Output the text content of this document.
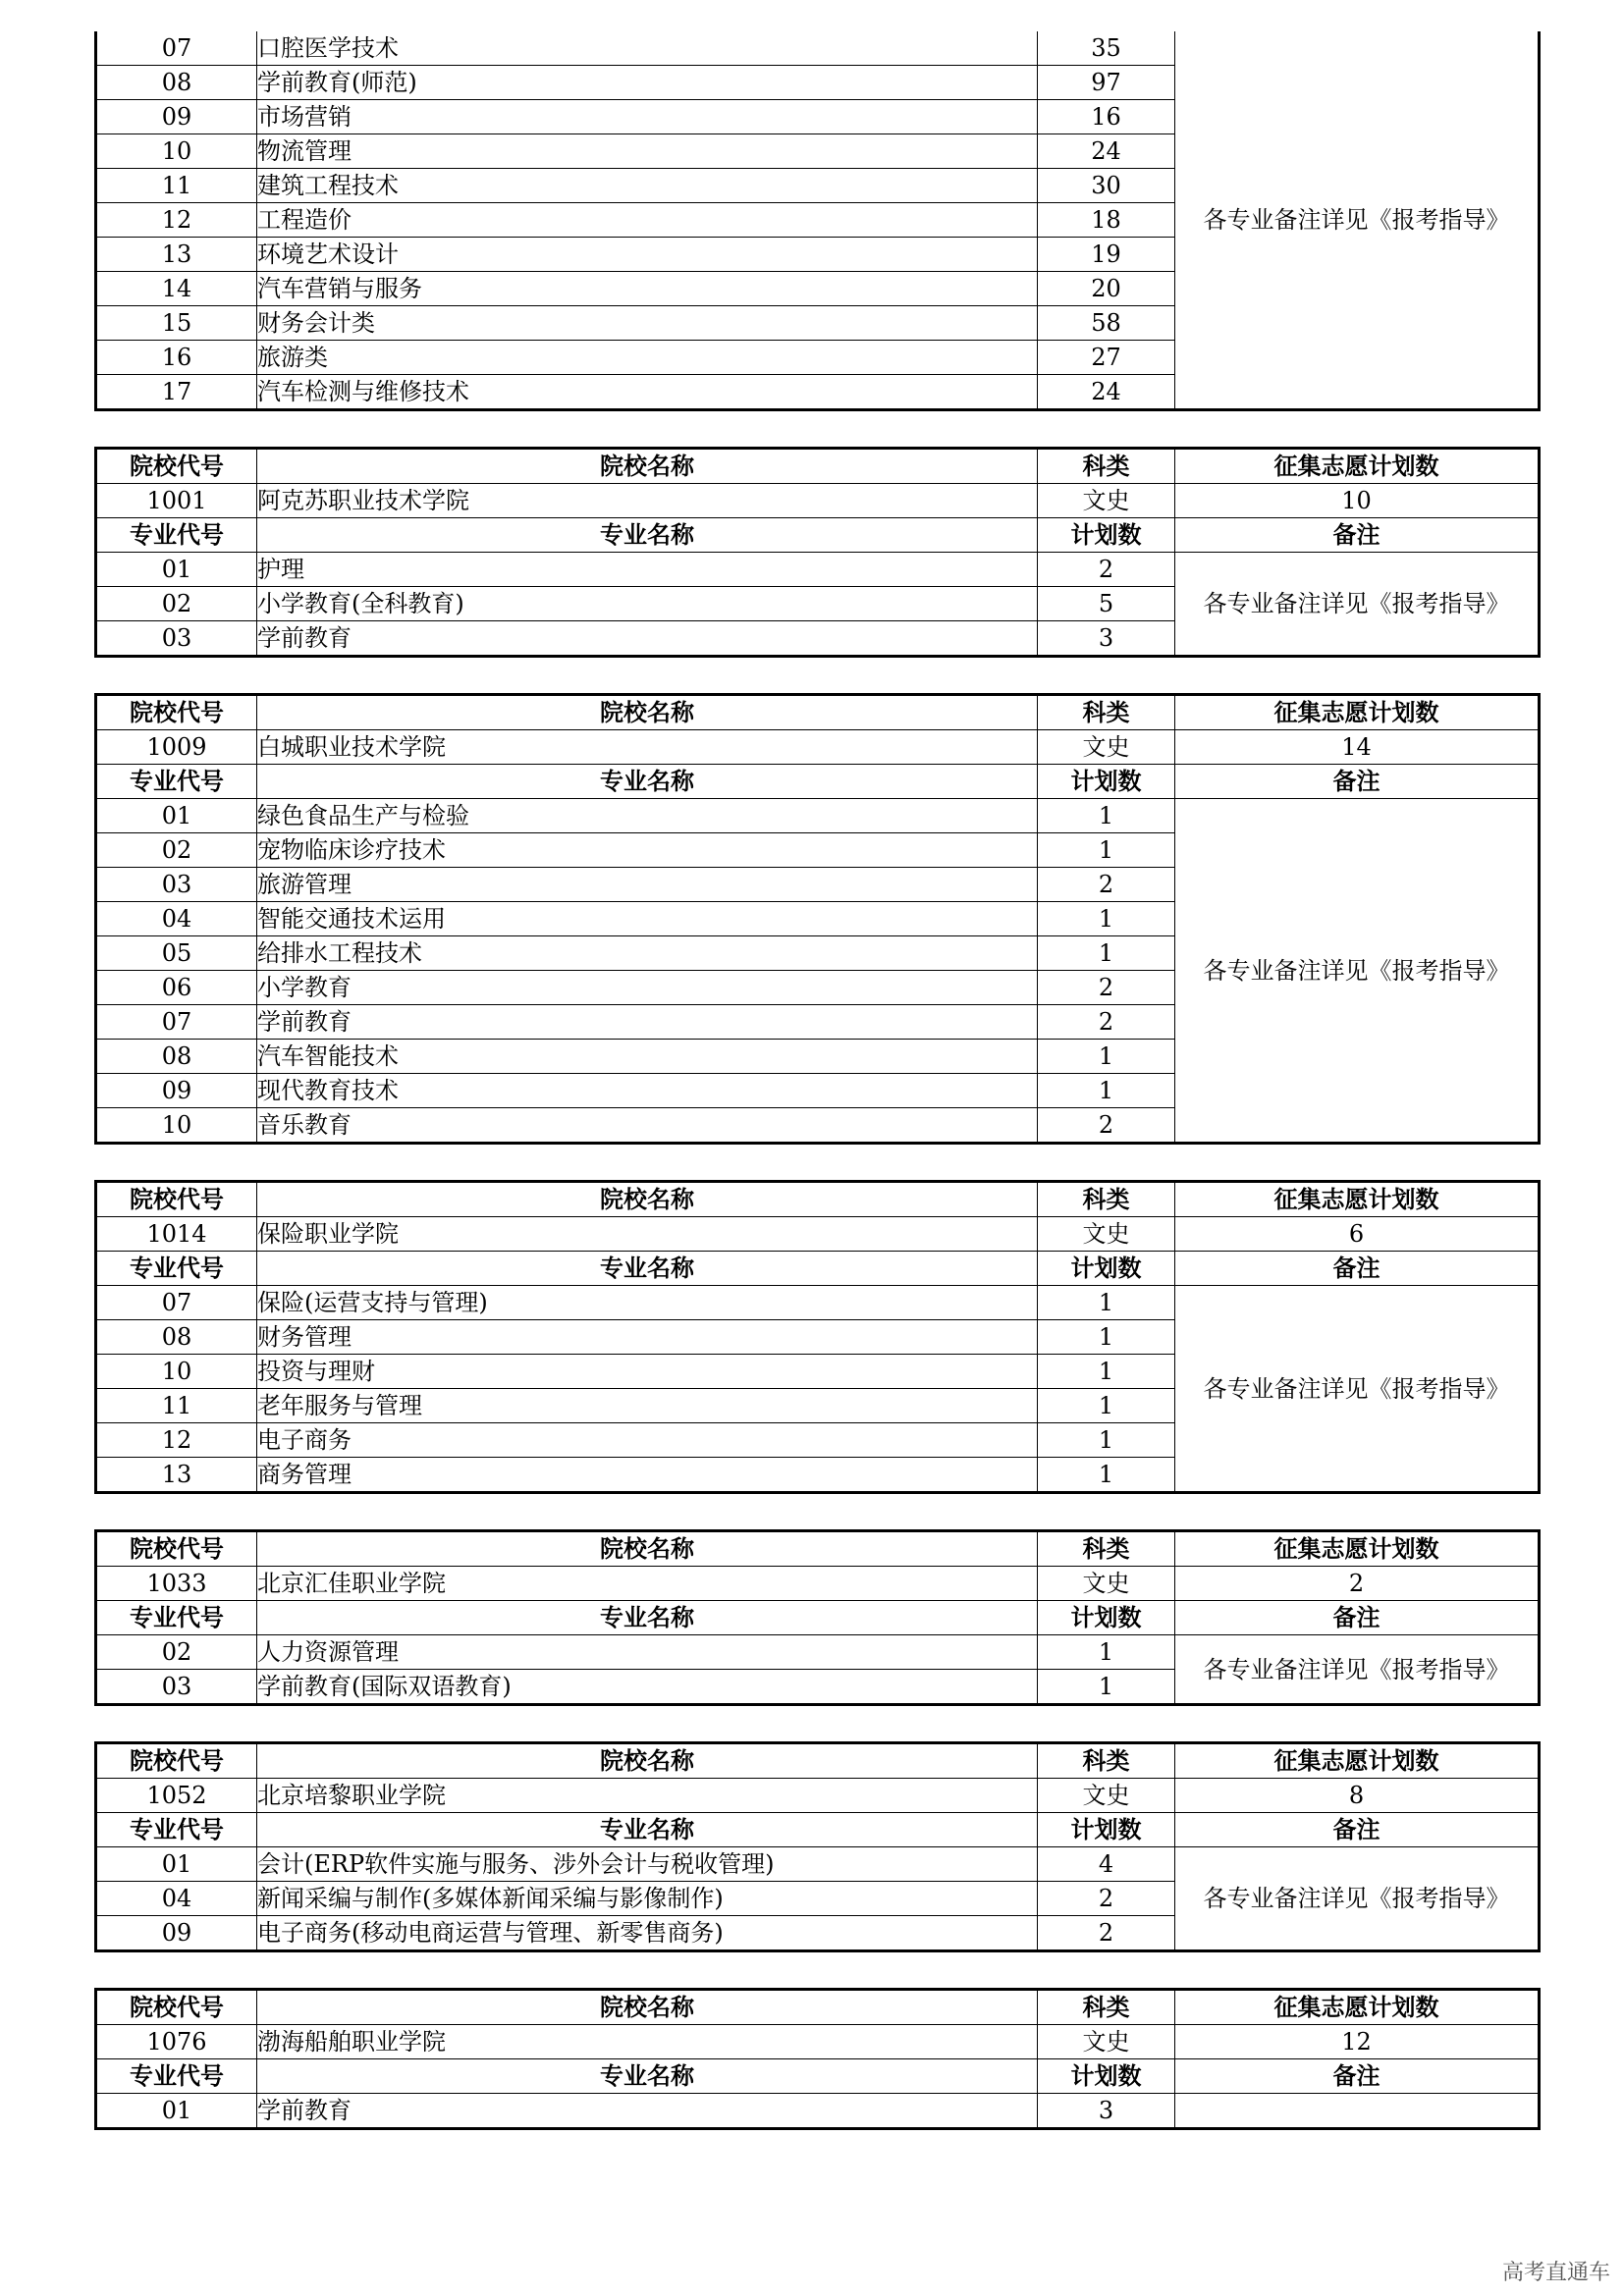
07	口腔医学技术	35	各专业备注详见《报考指导》
08	学前教育(师范)	97	
09	市场营销	16	
10	物流管理	24	
11	建筑工程技术	30	
12	工程造价	18	
13	环境艺术设计	19	
14	汽车营销与服务	20	
15	财务会计类	58	
16	旅游类	27	
17	汽车检测与维修技术	24	
院校代号	院校名称	科类	征集志愿计划数
1001	阿克苏职业技术学院	文史	10
专业代号	专业名称	计划数	备注
01	护理	2	各专业备注详见《报考指导》
02	小学教育(全科教育)	5	
03	学前教育	3	
院校代号	院校名称	科类	征集志愿计划数
1009	白城职业技术学院	文史	14
专业代号	专业名称	计划数	备注
01	绿色食品生产与检验	1	各专业备注详见《报考指导》
02	宠物临床诊疗技术	1	
03	旅游管理	2	
04	智能交通技术运用	1	
05	给排水工程技术	1	
06	小学教育	2	
07	学前教育	2	
08	汽车智能技术	1	
09	现代教育技术	1	
10	音乐教育	2	
院校代号	院校名称	科类	征集志愿计划数
1014	保险职业学院	文史	6
专业代号	专业名称	计划数	备注
07	保险(运营支持与管理)	1	各专业备注详见《报考指导》
08	财务管理	1	
10	投资与理财	1	
11	老年服务与管理	1	
12	电子商务	1	
13	商务管理	1	
院校代号	院校名称	科类	征集志愿计划数
1033	北京汇佳职业学院	文史	2
专业代号	专业名称	计划数	备注
02	人力资源管理	1	各专业备注详见《报考指导》
03	学前教育(国际双语教育)	1	
院校代号	院校名称	科类	征集志愿计划数
1052	北京培黎职业学院	文史	8
专业代号	专业名称	计划数	备注
01	会计(ERP软件实施与服务、涉外会计与税收管理)	4	各专业备注详见《报考指导》
04	新闻采编与制作(多媒体新闻采编与影像制作)	2	
09	电子商务(移动电商运营与管理、新零售商务)	2	
院校代号	院校名称	科类	征集志愿计划数
1076	渤海船舶职业学院	文史	12
专业代号	专业名称	计划数	备注
01	学前教育	3	
高考直通车
